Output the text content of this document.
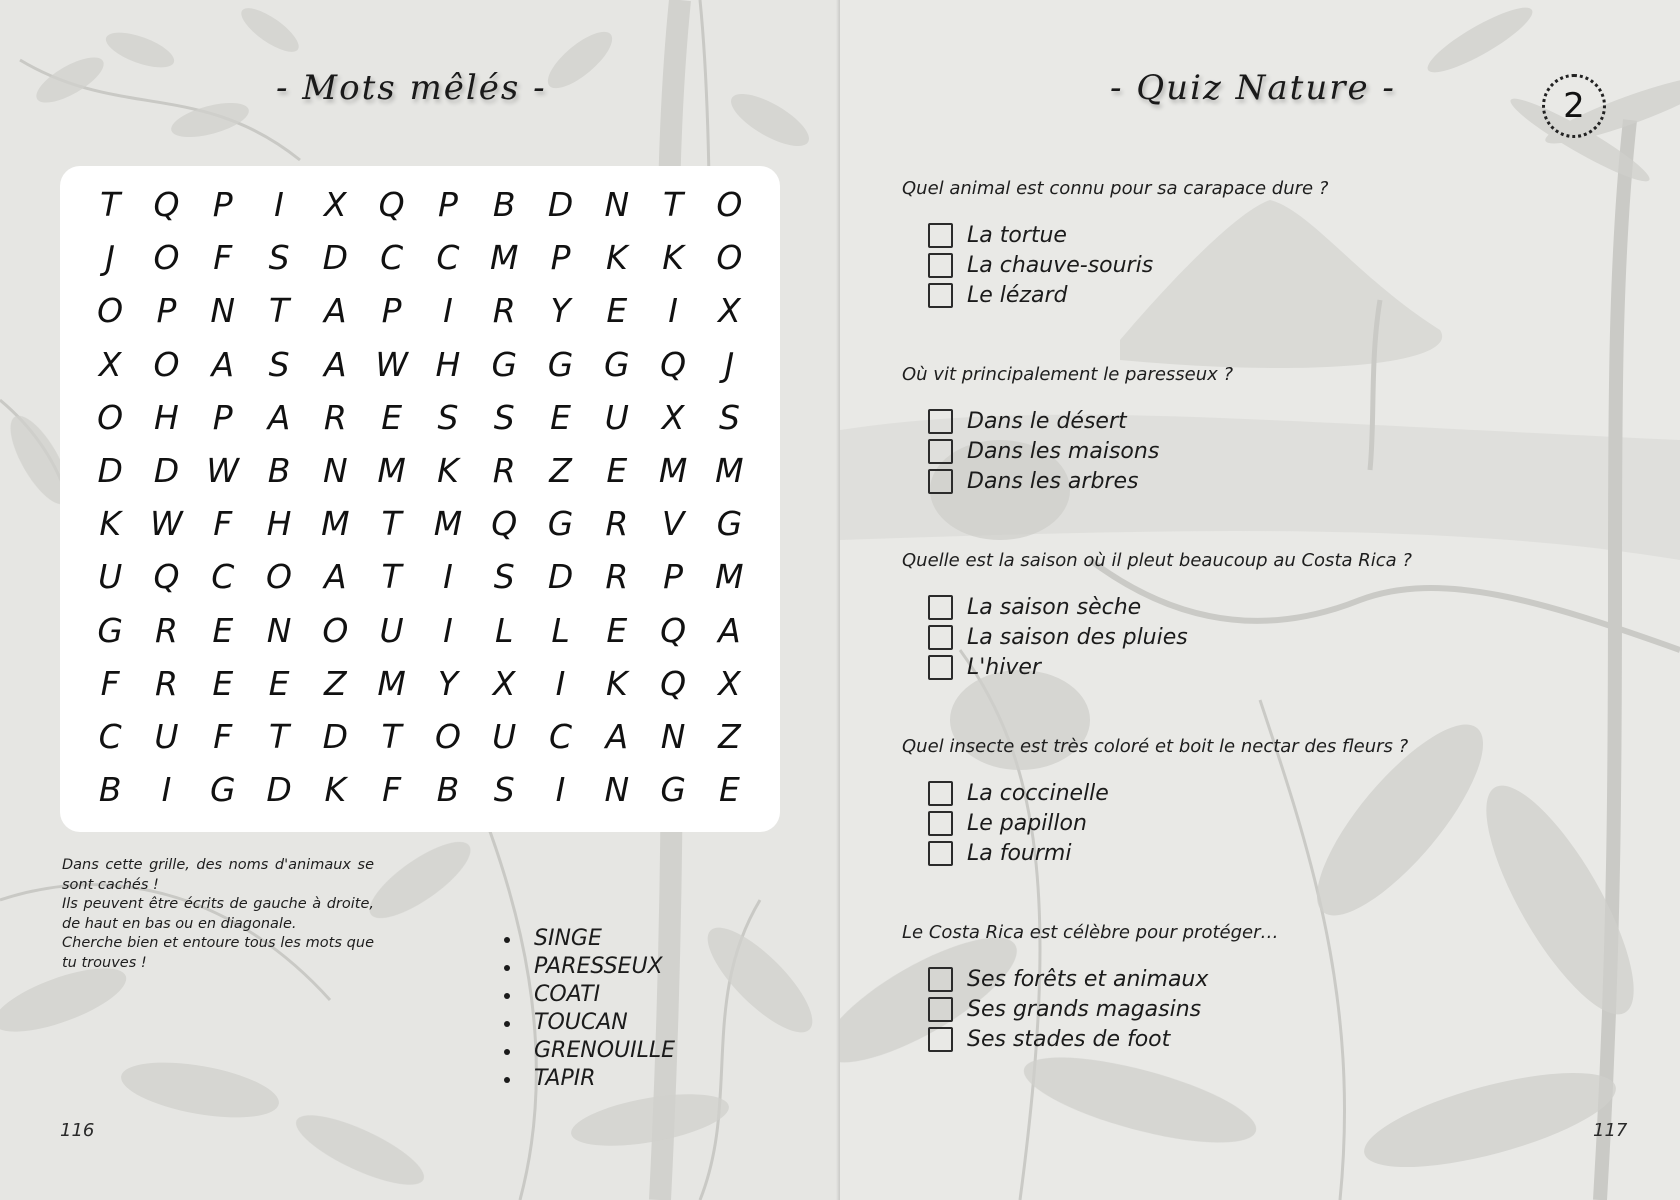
- Mots mêlés -
T	Q	P	I	X Q	P	B D N	T	O
J	O	F	S	D C	C M P	K	K O
O	P	N	T	A	P	I	R	Y	E	I	X
X O A	S	A W H G G G Q	J
O H	P	A	R	E	S	S	E	U X	S
D D W B N M K	R	Z	E M M
K W F	H M T M Q G R	V G
U Q C O A	T	I	S	D R	P M
G R	E	N O U	I	L	L	E Q A
F	R	E	E	Z M Y	X	I	K Q X
C U	F	T	D	T	O U C	A N Z
B	I	G D K	F	B	S	I	N G	E

Dans cette grille, des noms d'animaux se sont cachés !

Ils peuvent être écrits de gauche à droite, de haut en bas ou en diagonale.

Cherche bien et entoure tous les mots que tu trouves !

SINGE
PARESSEUX
COATI
TOUCAN
GRENOUILLE
TAPIR
116
- Quiz Nature -	2
117
Quel animal est connu pour sa carapace dure ?
La tortue
La chauve-souris
Le lézard
Où vit principalement le paresseux ?
Dans le désert
Dans les maisons
Dans les arbres
Quelle est la saison où il pleut beaucoup au Costa Rica ?
La saison sèche
La saison des pluies
L'hiver
Quel insecte est très coloré et boit le nectar des fleurs ?
La coccinelle
Le papillon
La fourmi
Le Costa Rica est célèbre pour protéger…
Ses forêts et animaux
Ses grands magasins
Ses stades de foot
